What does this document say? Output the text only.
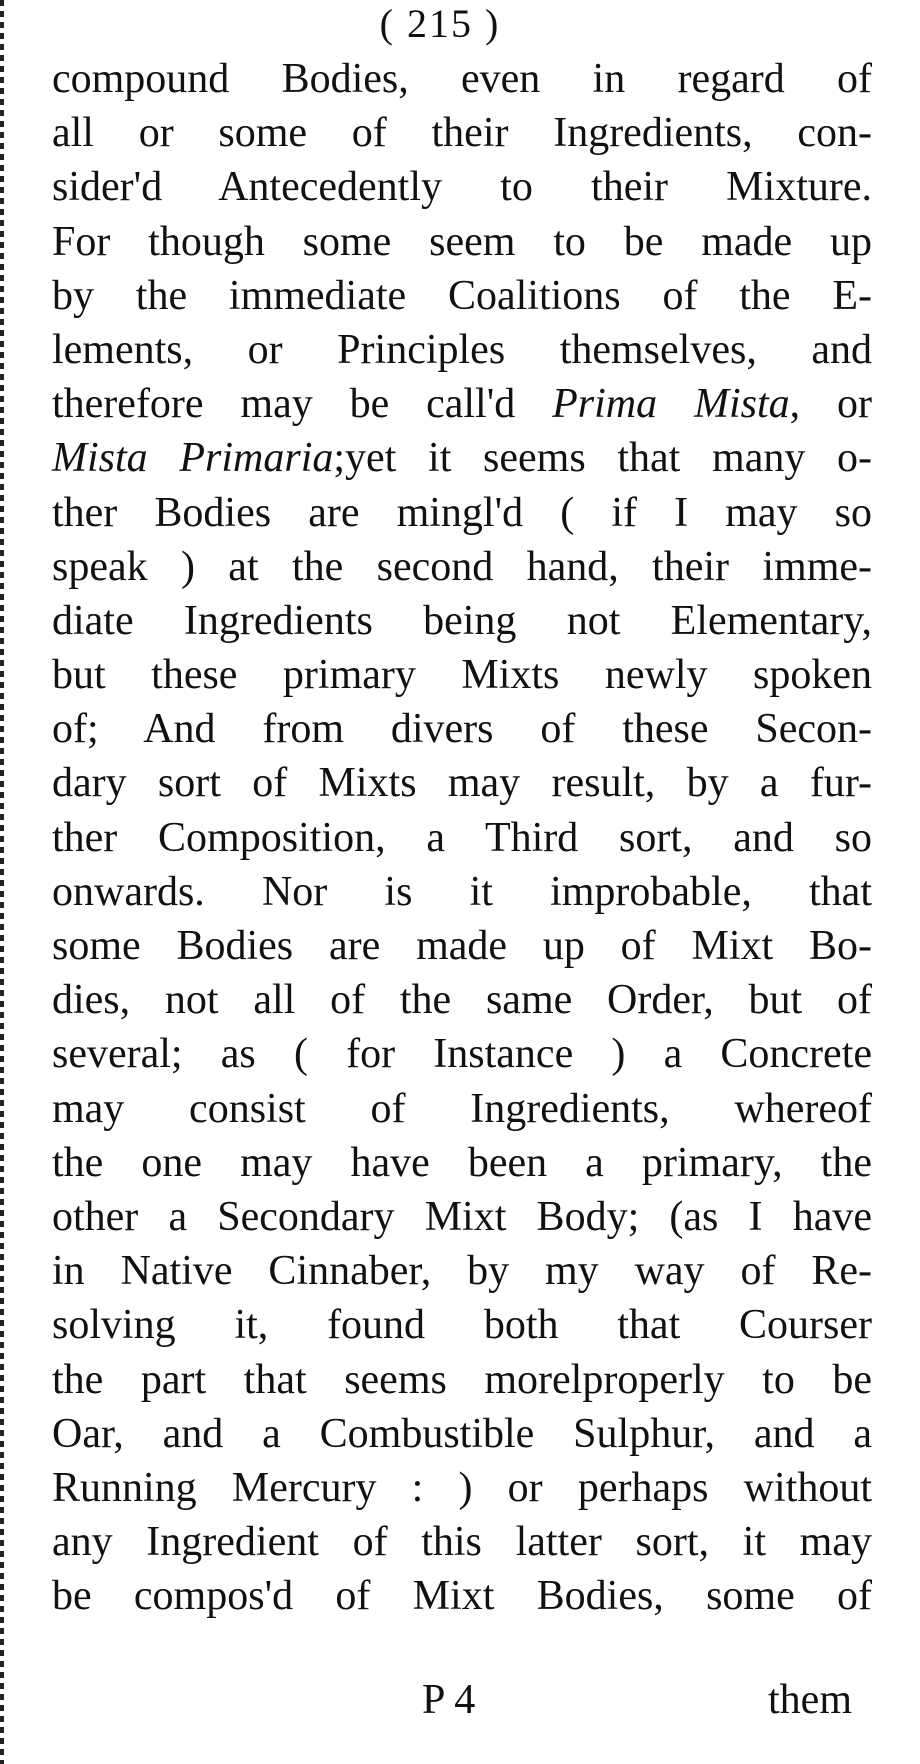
( 215 )
compound Bodies, even in regard of
all or some of their Ingredients, con-
sider'd Antecedently to their Mixture.
For though some seem to be made up
by the immediate Coalitions of the E-
lements, or Principles themselves, and
therefore may be call'd Prima Mista, or
Mista Primaria;yet it seems that many o-
ther Bodies are mingl'd ( if I may so
speak ) at the second hand, their imme-
diate Ingredients being not Elementary,
but these primary Mixts newly spoken
of; And from divers of these Secon-
dary sort of Mixts may result, by a fur-
ther Composition, a Third sort, and so
onwards. Nor is it improbable, that
some Bodies are made up of Mixt Bo-
dies, not all of the same Order, but of
several; as ( for Instance ) a Concrete
may consist of Ingredients, whereof
the one may have been a primary, the
other a Secondary Mixt Body; (as I have
in Native Cinnaber, by my way of Re-
solving it, found both that Courser
the part that seems morelproperly to be
Oar, and a Combustible Sulphur, and a
Running Mercury : ) or perhaps without
any Ingredient of this latter sort, it may
be compos'd of Mixt Bodies, some of
P 4	them
